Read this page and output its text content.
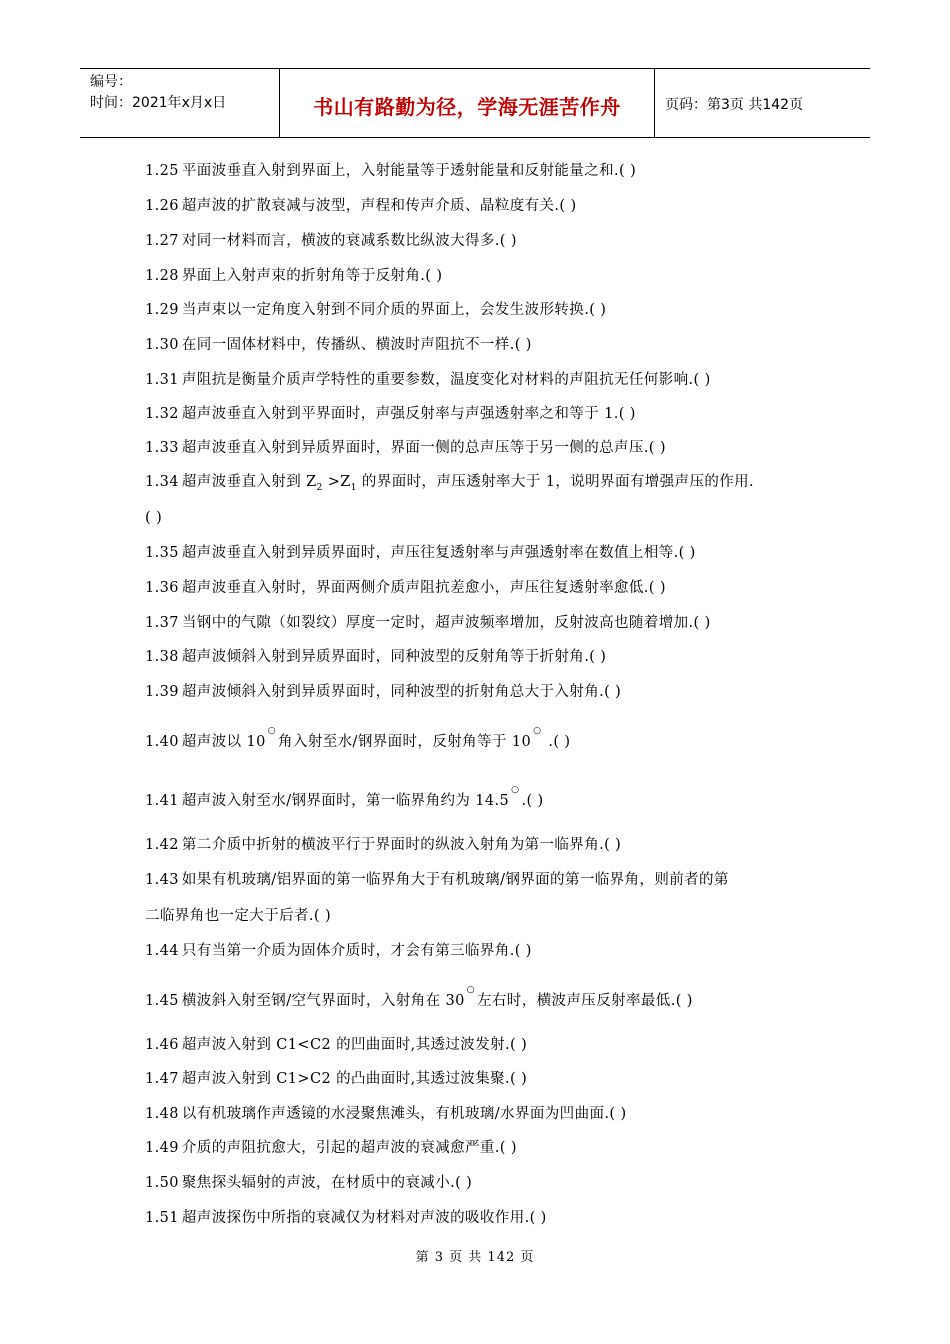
编号：
时间：2021年x月x日	书山有路勤为径，学海无涯苦作舟	页码：第3页 共142页
1.25 平面波垂直入射到界面上，入射能量等于透射能量和反射能量之和.( )
1.26 超声波的扩散衰减与波型，声程和传声介质、晶粒度有关.( )
1.27 对同一材料而言，横波的衰减系数比纵波大得多.( )
1.28 界面上入射声束的折射角等于反射角.( )
1.29 当声束以一定角度入射到不同介质的界面上，会发生波形转换.( )
1.30 在同一固体材料中，传播纵、横波时声阻抗不一样.( )
1.31 声阻抗是衡量介质声学特性的重要参数，温度变化对材料的声阻抗无任何影响.( )
1.32 超声波垂直入射到平界面时，声强反射率与声强透射率之和等于 1.( )
1.33 超声波垂直入射到异质界面时，界面一侧的总声压等于另一侧的总声压.( )
1.34 超声波垂直入射到 $Z_2 >Z_1$ 的界面时，声压透射率大于 1，说明界面有增强声压的作用.
( )
1.35 超声波垂直入射到异质界面时，声压往复透射率与声强透射率在数值上相等.( )
1.36 超声波垂直入射时，界面两侧介质声阻抗差愈小，声压往复透射率愈低.( )
1.37 当钢中的气隙（如裂纹）厚度一定时，超声波频率增加，反射波高也随着增加.( )
1.38 超声波倾斜入射到异质界面时，同种波型的反射角等于折射角.( )
1.39 超声波倾斜入射到异质界面时，同种波型的折射角总大于入射角.( )
1.40 超声波以 10○角入射至水/钢界面时，反射角等于 10○ .( )
1.41 超声波入射至水/钢界面时，第一临界角约为 14.5○.( )
1.42 第二介质中折射的横波平行于界面时的纵波入射角为第一临界角.( )
1.43 如果有机玻璃/铝界面的第一临界角大于有机玻璃/钢界面的第一临界角，则前者的第
二临界角也一定大于后者.( )
1.44 只有当第一介质为固体介质时，才会有第三临界角.( )
1.45 横波斜入射至钢/空气界面时，入射角在 30○左右时，横波声压反射率最低.( )
1.46 超声波入射到 C1<C2 的凹曲面时,其透过波发射.( )
1.47 超声波入射到 C1>C2 的凸曲面时,其透过波集聚.( )
1.48 以有机玻璃作声透镜的水浸聚焦滩头，有机玻璃/水界面为凹曲面.( )
1.49 介质的声阻抗愈大，引起的超声波的衰减愈严重.( )
1.50 聚焦探头辐射的声波，在材质中的衰减小.( )
1.51 超声波探伤中所指的衰减仅为材料对声波的吸收作用.( )
第 3 页 共 142 页
